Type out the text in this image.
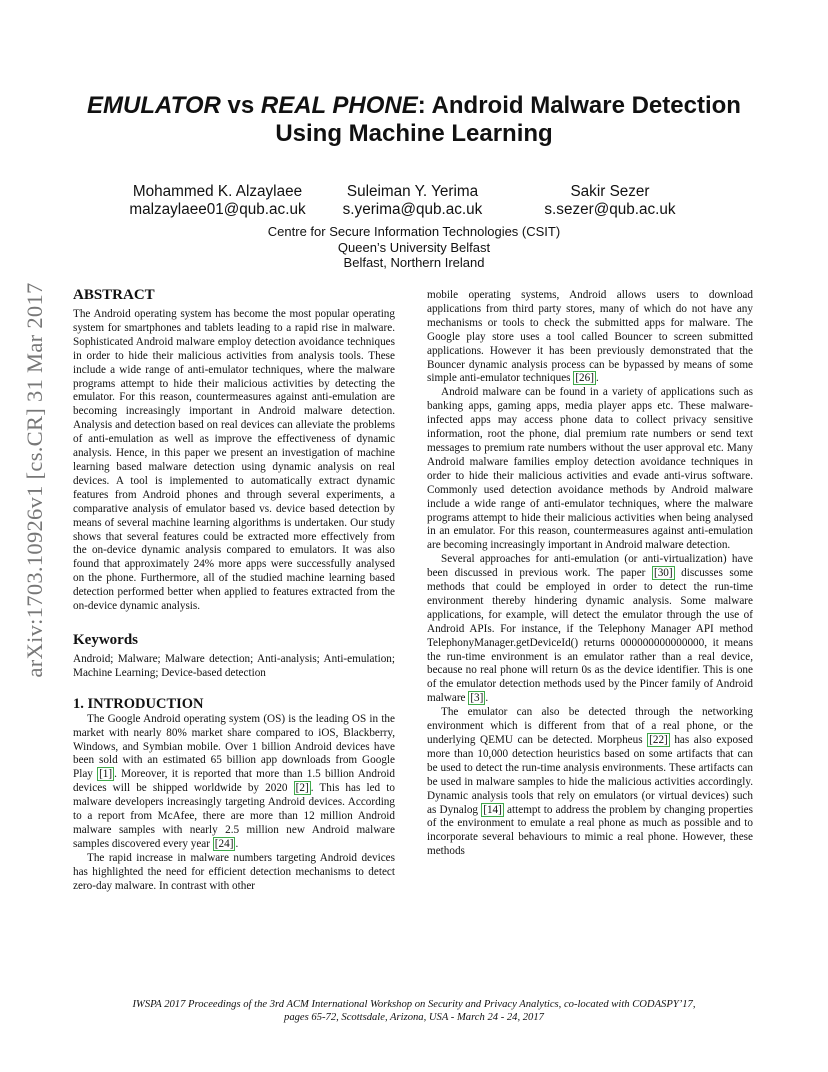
arXiv:1703.10926v1 [cs.CR] 31 Mar 2017
EMULATOR vs REAL PHONE: Android Malware Detection
Using Machine Learning
Mohammed K. Alzaylaee
malzaylaee01@qub.ac.uk
Suleiman Y. Yerima
s.yerima@qub.ac.uk
Sakir Sezer
s.sezer@qub.ac.uk
Centre for Secure Information Technologies (CSIT)
Queen’s University Belfast
Belfast, Northern Ireland
ABSTRACT

The Android operating system has become the most popular operating system for smartphones and tablets leading to a rapid rise in malware. Sophisticated Android malware employ detection avoidance techniques in order to hide their malicious activities from analysis tools. These include a wide range of anti-emulator techniques, where the malware programs attempt to hide their malicious activities by detecting the emulator. For this reason, countermeasures against anti-emulation are becoming increasingly important in Android malware detection. Analysis and detection based on real devices can alleviate the problems of anti-emulation as well as improve the effectiveness of dynamic analysis. Hence, in this paper we present an investigation of machine learning based malware detection using dynamic analysis on real devices. A tool is implemented to automatically extract dynamic features from Android phones and through several experiments, a comparative analysis of emulator based vs. device based detection by means of several machine learning algorithms is undertaken. Our study shows that several features could be extracted more effectively from the on-device dynamic analysis compared to emulators. It was also found that approximately 24% more apps were successfully analysed on the phone. Furthermore, all of the studied machine learning based detection performed better when applied to features extracted from the on-device dynamic analysis.

Keywords

Android; Malware; Malware detection; Anti-analysis; Anti-emulation; Machine Learning; Device-based detection

1. INTRODUCTION

The Google Android operating system (OS) is the leading OS in the market with nearly 80% market share compared to iOS, Blackberry, Windows, and Symbian mobile. Over 1 billion Android devices have been sold with an estimated 65 billion app downloads from Google Play [1] . Moreover, it is reported that more than 1.5 billion Android devices will be shipped worldwide by 2020 [2] . This has led to malware developers increasingly targeting Android devices. According to a report from McAfee, there are more than 12 million Android malware samples with nearly 2.5 million new Android malware samples discovered every year [24] .

The rapid increase in malware numbers targeting Android devices has highlighted the need for efficient detection mechanisms to detect zero-day malware. In contrast with other

mobile operating systems, Android allows users to download applications from third party stores, many of which do not have any mechanisms or tools to check the submitted apps for malware. The Google play store uses a tool called Bouncer to screen submitted applications. However it has been previously demonstrated that the Bouncer dynamic analysis process can be bypassed by means of some simple anti-emulator techniques [26] .

Android malware can be found in a variety of applications such as banking apps, gaming apps, media player apps etc. These malware-infected apps may access phone data to collect privacy sensitive information, root the phone, dial premium rate numbers or send text messages to premium rate numbers without the user approval etc. Many Android malware families employ detection avoidance techniques in order to hide their malicious activities and evade anti-virus software. Commonly used detection avoidance methods by Android malware include a wide range of anti-emulator techniques, where the malware programs attempt to hide their malicious activities when being analysed in an emulator. For this reason, countermeasures against anti-emulation are becoming increasingly important in Android malware detection.

Several approaches for anti-emulation (or anti-virtualization) have been discussed in previous work. The paper [30] discusses some methods that could be employed in order to detect the run-time environment thereby hindering dynamic analysis. Some malware applications, for example, will detect the emulator through the use of Android APIs. For instance, if the Telephony Manager API method TelephonyManager.getDeviceId() returns 000000000000000, it means the run-time environment is an emulator rather than a real device, because no real phone will return 0s as the device identifier. This is one of the emulator detection methods used by the Pincer family of Android malware [3] .

The emulator can also be detected through the networking environment which is different from that of a real phone, or the underlying QEMU can be detected. Morpheus [22] has also exposed more than 10,000 detection heuristics based on some artifacts that can be used to detect the run-time analysis environments. These artifacts can be used in malware samples to hide the malicious activities accordingly. Dynamic analysis tools that rely on emulators (or virtual devices) such as Dynalog [14] attempt to address the problem by changing properties of the environment to emulate a real phone as much as possible and to incorporate several behaviours to mimic a real phone. However, these methods

IWSPA 2017 Proceedings of the 3rd ACM International Workshop on Security and Privacy Analytics, co-located with CODASPY’17,
pages 65-72, Scottsdale, Arizona, USA - March 24 - 24, 2017
